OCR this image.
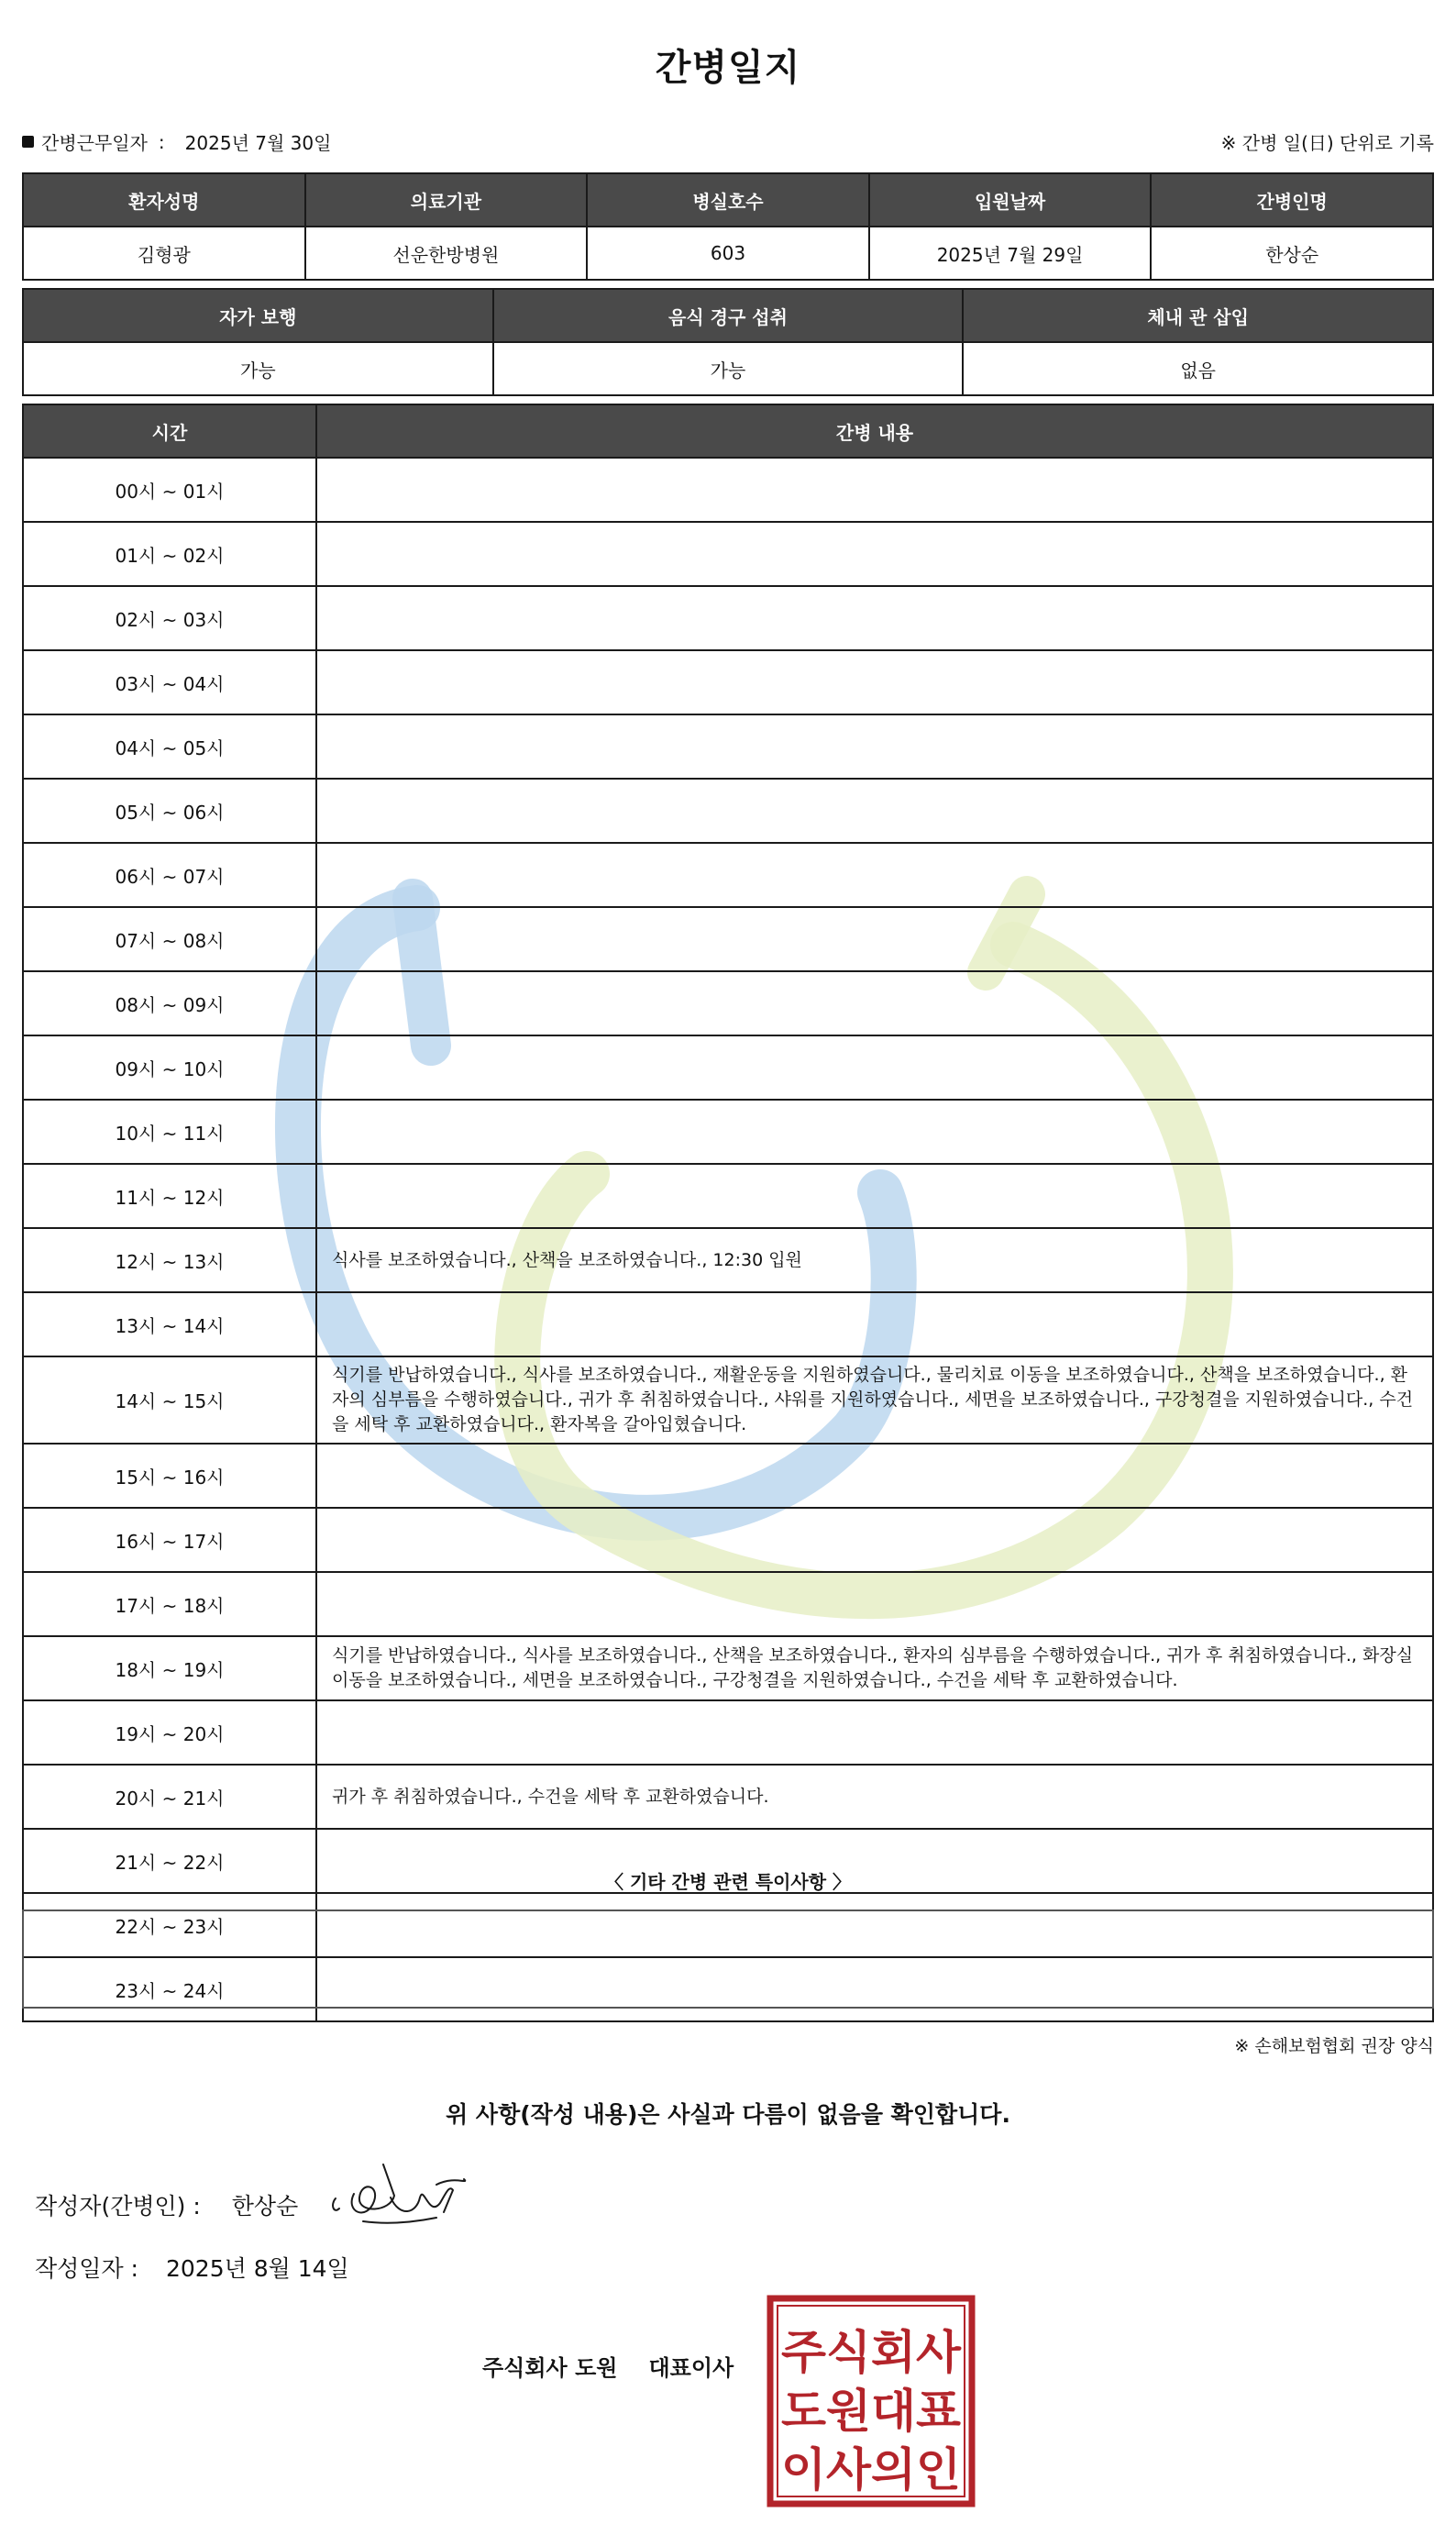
간병일지
간병근무일자 : 2025년 7월 30일	※ 간병 일(日) 단위로 기록
환자성명	의료기관	병실호수	입원날짜	간병인명
김형광	선운한방병원	603	2025년 7월 29일	한상순
자가 보행	음식 경구 섭취	체내 관 삽입
가능	가능	없음
시간	간병 내용
00시 ~ 01시	
01시 ~ 02시	
02시 ~ 03시	
03시 ~ 04시	
04시 ~ 05시	
05시 ~ 06시	
06시 ~ 07시	
07시 ~ 08시	
08시 ~ 09시	
09시 ~ 10시	
10시 ~ 11시	
11시 ~ 12시	
12시 ~ 13시	식사를 보조하였습니다., 산책을 보조하였습니다., 12:30 입원
13시 ~ 14시	
14시 ~ 15시	식기를 반납하였습니다., 식사를 보조하였습니다., 재활운동을 지원하였습니다., 물리치료 이동을 보조하였습니다., 산책을 보조하였습니다., 환자의 심부름을 수행하였습니다., 귀가 후 취침하였습니다., 샤워를 지원하였습니다., 세면을 보조하였습니다., 구강청결을 지원하였습니다., 수건을 세탁 후 교환하였습니다., 환자복을 갈아입혔습니다.
15시 ~ 16시	
16시 ~ 17시	
17시 ~ 18시	
18시 ~ 19시	식기를 반납하였습니다., 식사를 보조하였습니다., 산책을 보조하였습니다., 환자의 심부름을 수행하였습니다., 귀가 후 취침하였습니다., 화장실 이동을 보조하였습니다., 세면을 보조하였습니다., 구강청결을 지원하였습니다., 수건을 세탁 후 교환하였습니다.
19시 ~ 20시	
20시 ~ 21시	귀가 후 취침하였습니다., 수건을 세탁 후 교환하였습니다.
21시 ~ 22시	
22시 ~ 23시	
23시 ~ 24시	
〈 기타 간병 관련 특이사항 〉
※ 손해보험협회 권장 양식
위 사항(작성 내용)은 사실과 다름이 없음을 확인합니다.
작성자(간병인) : 한상순
작성일자 : 2025년 8월 14일
주식회사 도원 대표이사 주식회사
도원대표
이사의인
